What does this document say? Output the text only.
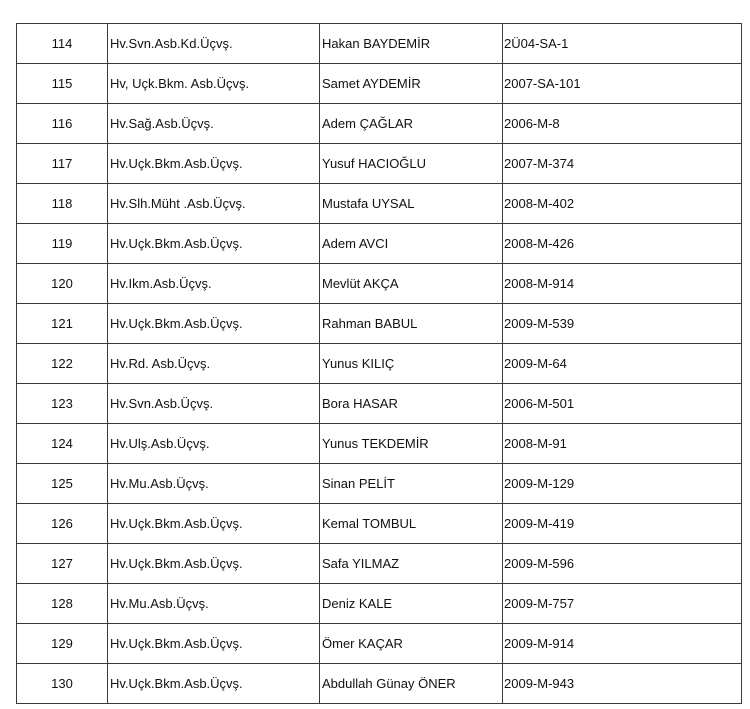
114	Hv.Svn.Asb.Kd.Üçvş.	Hakan BAYDEMİR	2Ü04-SA-1
115	Hv, Uçk.Bkm. Asb.Üçvş.	Samet AYDEMİR	2007-SA-101
116	Hv.Sağ.Asb.Üçvş.	Adem ÇAĞLAR	2006-M-8
117	Hv.Uçk.Bkm.Asb.Üçvş.	Yusuf HACIOĞLU	2007-M-374
118	Hv.Slh.Müht .Asb.Üçvş.	Mustafa UYSAL	2008-M-402
119	Hv.Uçk.Bkm.Asb.Üçvş.	Adem AVCI	2008-M-426
120	Hv.Ikm.Asb.Üçvş.	Mevlüt AKÇA	2008-M-914
121	Hv.Uçk.Bkm.Asb.Üçvş.	Rahman BABUL	2009-M-539
122	Hv.Rd. Asb.Üçvş.	Yunus KILIÇ	2009-M-64
123	Hv.Svn.Asb.Üçvş.	Bora HASAR	2006-M-501
124	Hv.Ulş.Asb.Üçvş.	Yunus TEKDEMİR	2008-M-91
125	Hv.Mu.Asb.Üçvş.	Sinan PELİT	2009-M-129
126	Hv.Uçk.Bkm.Asb.Üçvş.	Kemal TOMBUL	2009-M-419
127	Hv.Uçk.Bkm.Asb.Üçvş.	Safa YILMAZ	2009-M-596
128	Hv.Mu.Asb.Üçvş.	Deniz KALE	2009-M-757
129	Hv.Uçk.Bkm.Asb.Üçvş.	Ömer KAÇAR	2009-M-914
130	Hv.Uçk.Bkm.Asb.Üçvş.	Abdullah Günay ÖNER	2009-M-943
